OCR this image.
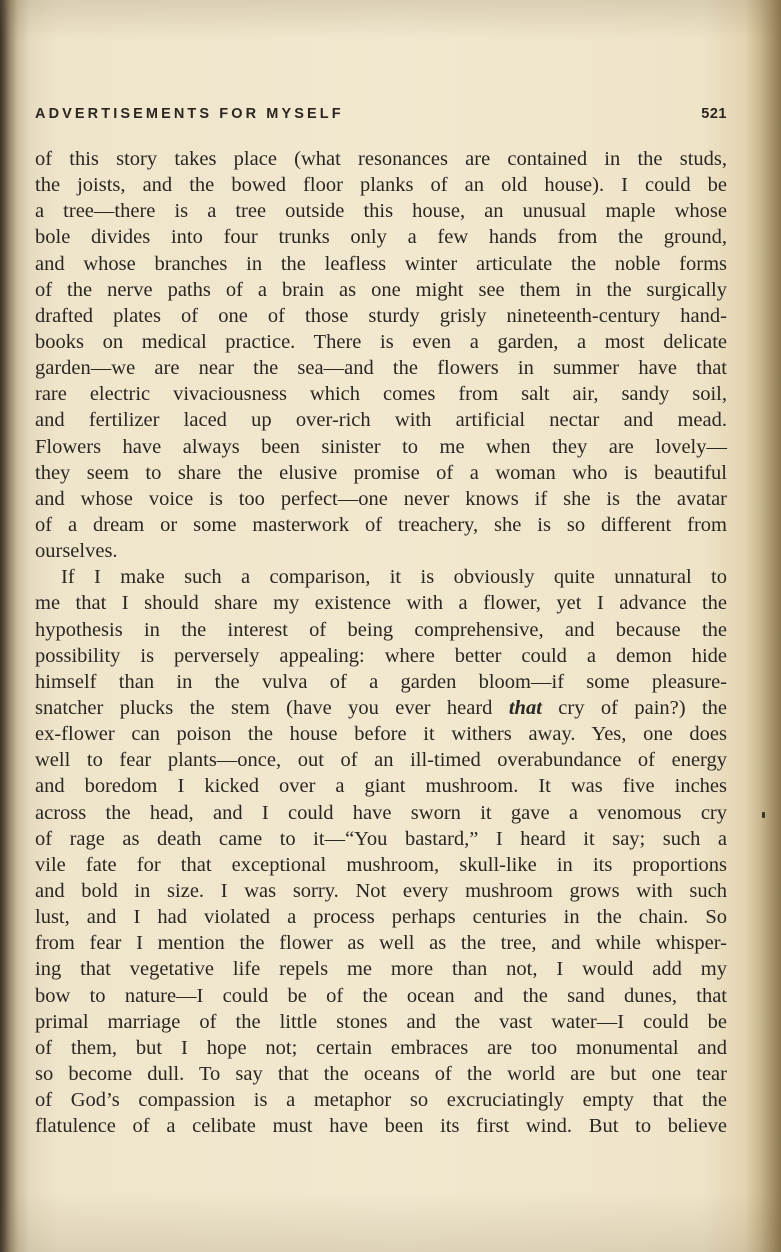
ADVERTISEMENTS FOR MYSELF	521
of this story takes place (what resonances are contained in the studs,
the joists, and the bowed floor planks of an old house). I could be
a tree—there is a tree outside this house, an unusual maple whose
bole divides into four trunks only a few hands from the ground,
and whose branches in the leafless winter articulate the noble forms
of the nerve paths of a brain as one might see them in the surgically
drafted plates of one of those sturdy grisly nineteenth-century hand-
books on medical practice. There is even a garden, a most delicate
garden—we are near the sea—and the flowers in summer have that
rare electric vivaciousness which comes from salt air, sandy soil,
and fertilizer laced up over-rich with artificial nectar and mead.
Flowers have always been sinister to me when they are lovely—
they seem to share the elusive promise of a woman who is beautiful
and whose voice is too perfect—one never knows if she is the avatar
of a dream or some masterwork of treachery, she is so different from
ourselves.
If I make such a comparison, it is obviously quite unnatural to
me that I should share my existence with a flower, yet I advance the
hypothesis in the interest of being comprehensive, and because the
possibility is perversely appealing: where better could a demon hide
himself than in the vulva of a garden bloom—if some pleasure-
snatcher plucks the stem (have you ever heard that cry of pain?) the
ex-flower can poison the house before it withers away. Yes, one does
well to fear plants—once, out of an ill-timed overabundance of energy
and boredom I kicked over a giant mushroom. It was five inches
across the head, and I could have sworn it gave a venomous cry
of rage as death came to it—“You bastard,” I heard it say; such a
vile fate for that exceptional mushroom, skull-like in its proportions
and bold in size. I was sorry. Not every mushroom grows with such
lust, and I had violated a process perhaps centuries in the chain. So
from fear I mention the flower as well as the tree, and while whisper-
ing that vegetative life repels me more than not, I would add my
bow to nature—I could be of the ocean and the sand dunes, that
primal marriage of the little stones and the vast water—I could be
of them, but I hope not; certain embraces are too monumental and
so become dull. To say that the oceans of the world are but one tear
of God’s compassion is a metaphor so excruciatingly empty that the
flatulence of a celibate must have been its first wind. But to believe
